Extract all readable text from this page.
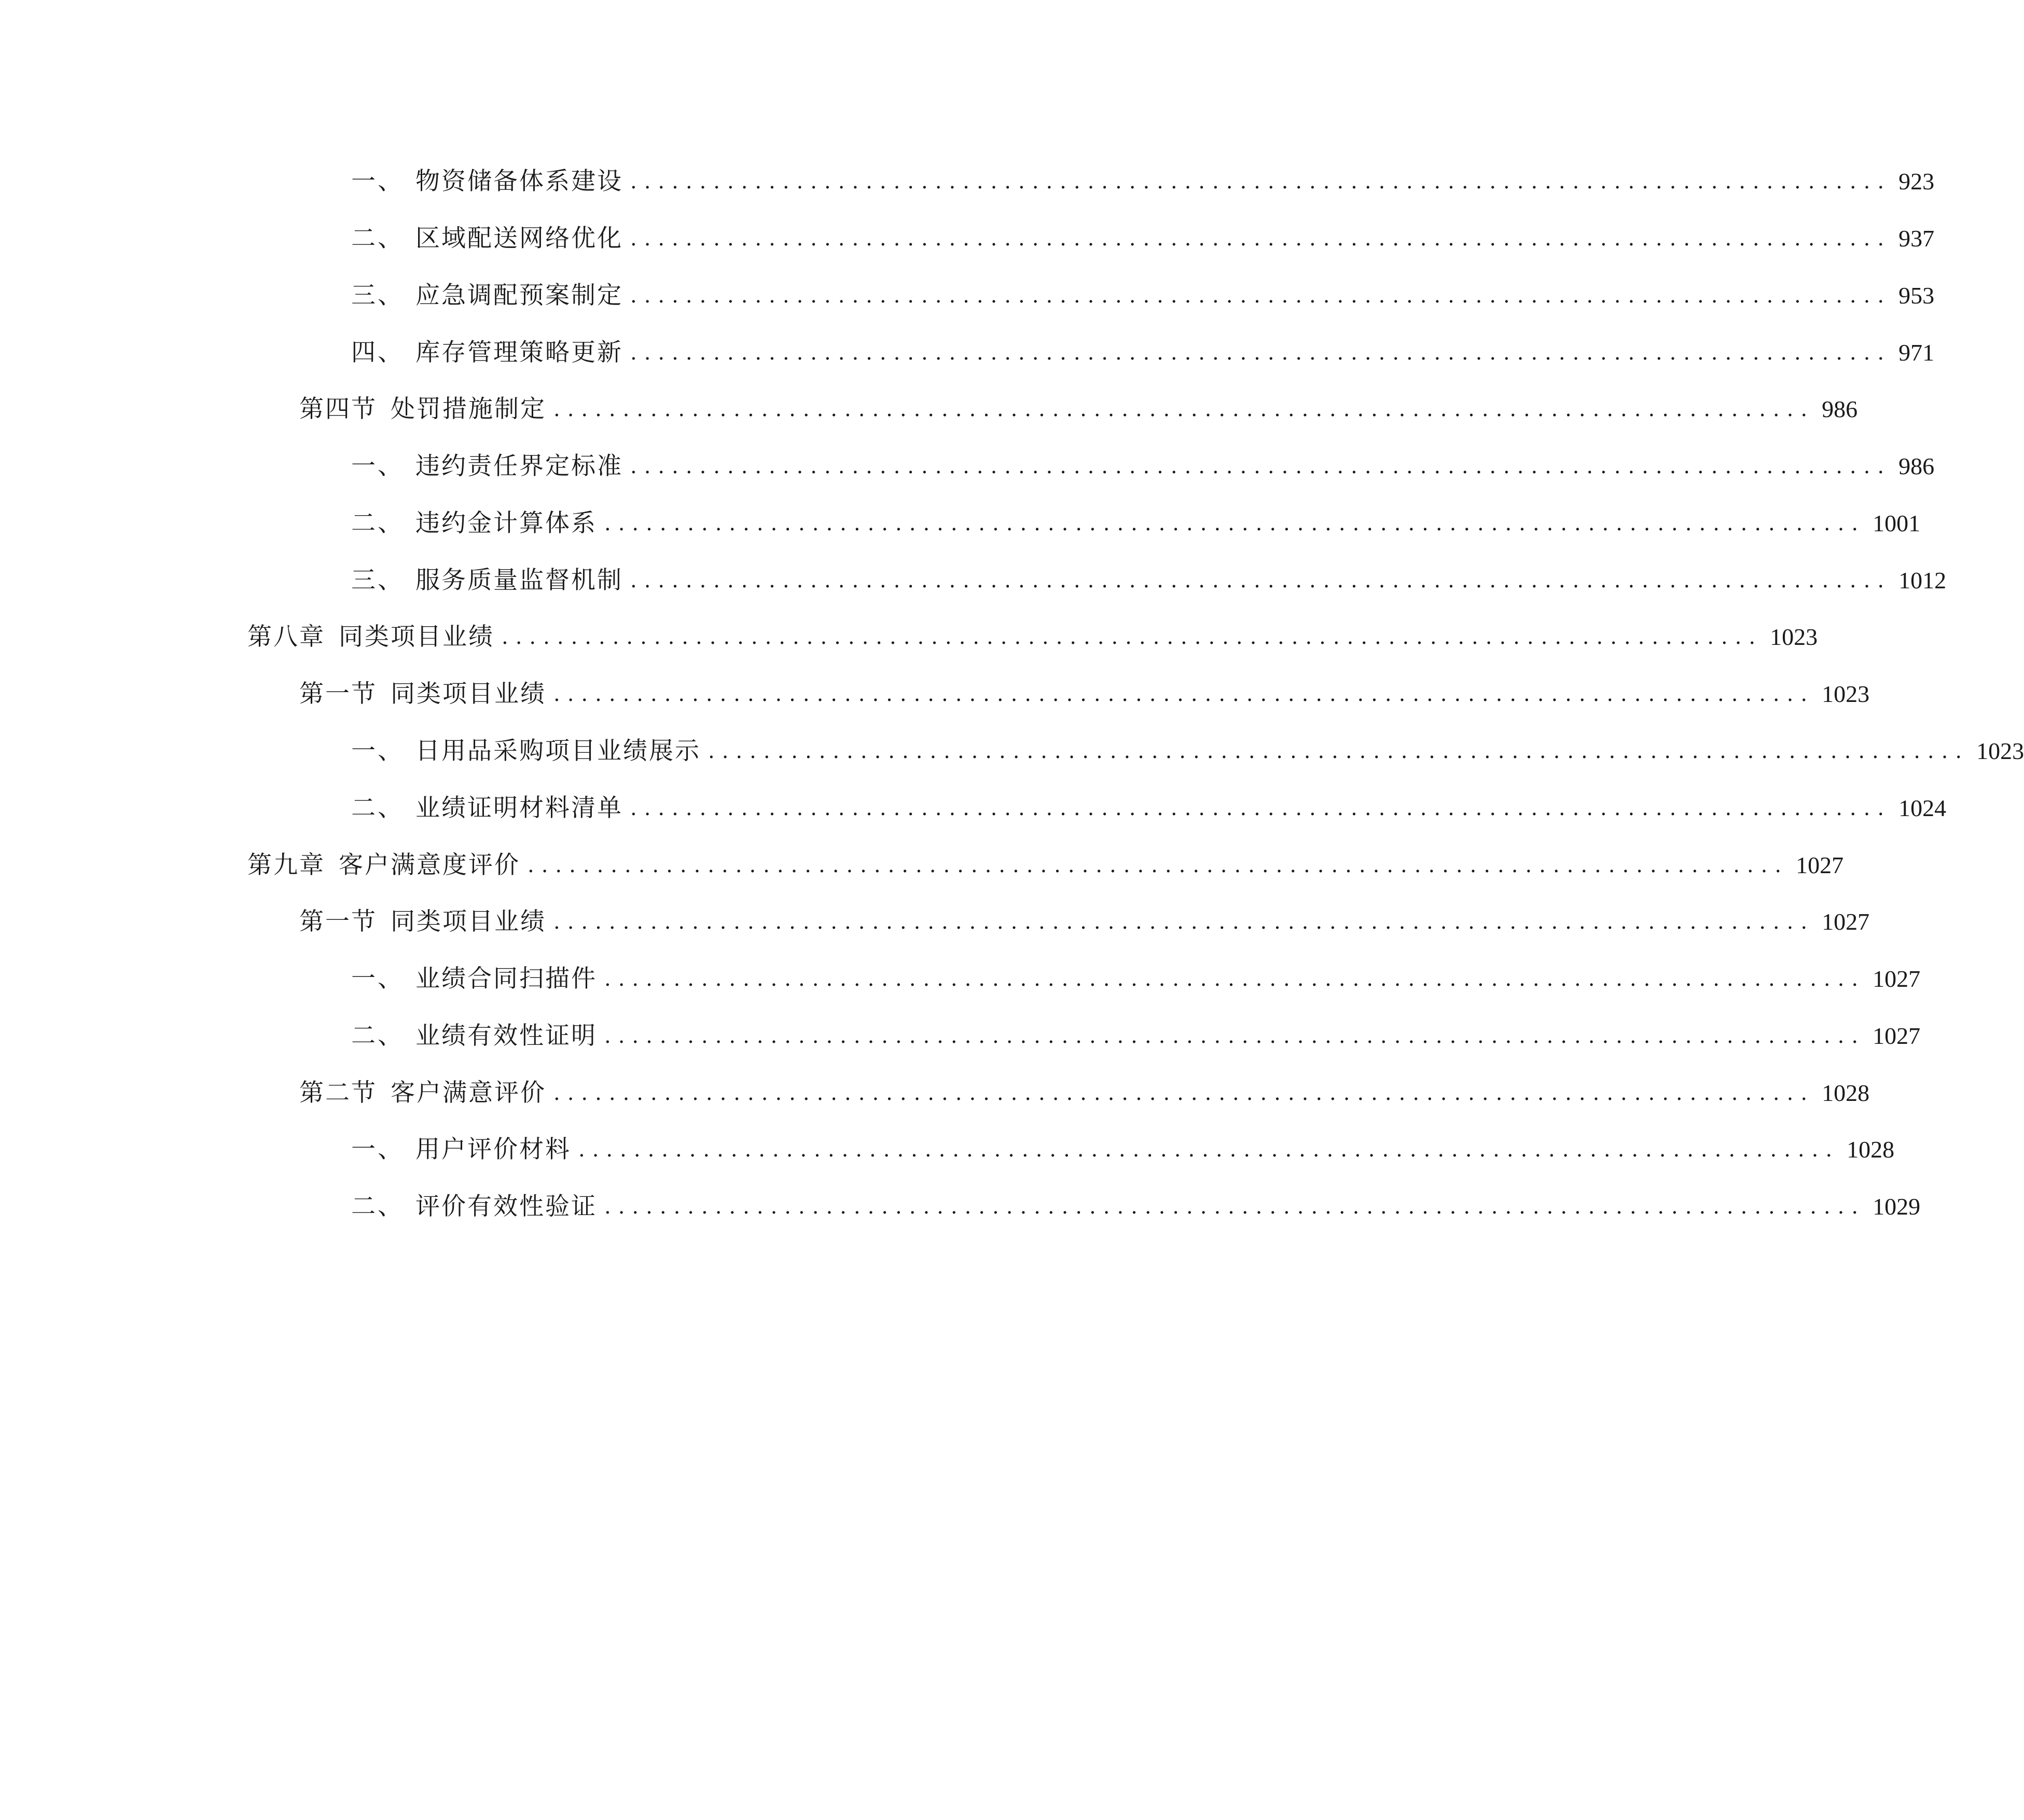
一、 物资储备体系建设 ........................................................................................... 923
二、 区域配送网络优化 ........................................................................................... 937
三、 应急调配预案制定 ........................................................................................... 953
四、 库存管理策略更新 ........................................................................................... 971
第四节 处罚措施制定 ........................................................................................... 986
一、 违约责任界定标准 ........................................................................................... 986
二、 违约金计算体系 ........................................................................................... 1001
三、 服务质量监督机制 ........................................................................................... 1012
第八章 同类项目业绩 ........................................................................................... 1023
第一节 同类项目业绩 ........................................................................................... 1023
一、 日用品采购项目业绩展示 ........................................................................................... 1023
二、 业绩证明材料清单 ........................................................................................... 1024
第九章 客户满意度评价 ........................................................................................... 1027
第一节 同类项目业绩 ........................................................................................... 1027
一、 业绩合同扫描件 ........................................................................................... 1027
二、 业绩有效性证明 ........................................................................................... 1027
第二节 客户满意评价 ........................................................................................... 1028
一、 用户评价材料 ........................................................................................... 1028
二、 评价有效性验证 ........................................................................................... 1029
